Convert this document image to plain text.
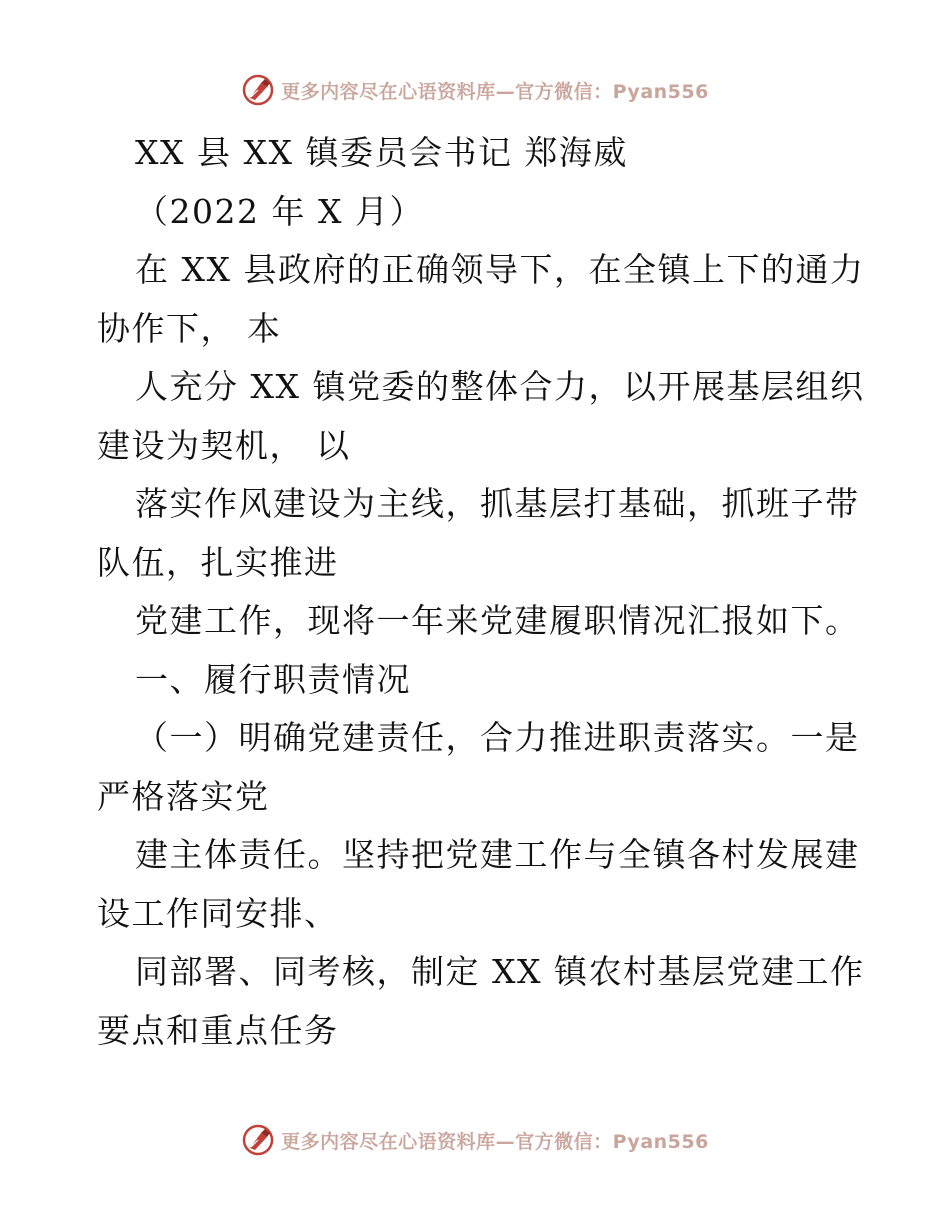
更多内容尽在心语资料库—官方微信：Pyan556
XX 县 XX 镇委员会书记 郑海威
（2022 年 X 月）
在 XX 县政府的正确领导下，在全镇上下的通力
协作下， 本
人充分 XX 镇党委的整体合力，以开展基层组织
建设为契机， 以
落实作风建设为主线，抓基层打基础，抓班子带
队伍，扎实推进
党建工作，现将一年来党建履职情况汇报如下。
一、履行职责情况
（一）明确党建责任，合力推进职责落实。一是
严格落实党
建主体责任。坚持把党建工作与全镇各村发展建
设工作同安排、
同部署、同考核，制定 XX 镇农村基层党建工作
要点和重点任务
更多内容尽在心语资料库—官方微信：Pyan556
